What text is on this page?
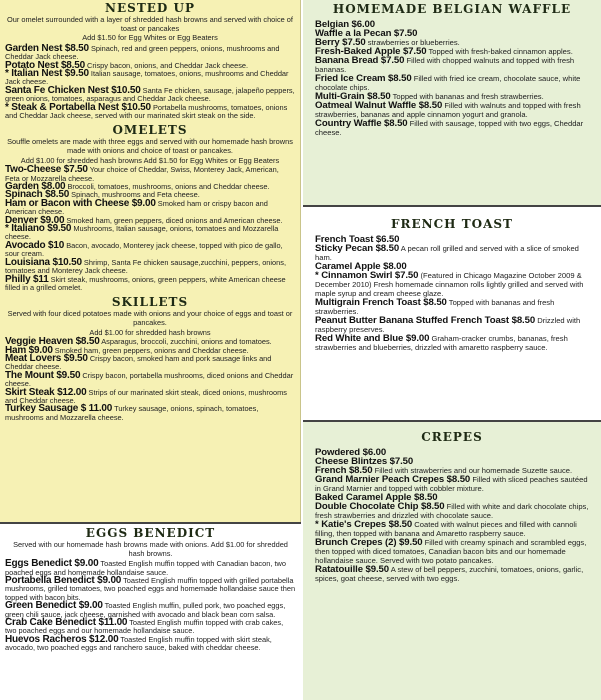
NESTED UP
Our omelet surrounded with a layer of shredded hash browns and served with choice of toast or pancakes
Add $1.50 for Egg Whites or Egg Beaters
Garden Nest $8.50 Spinach, red and green peppers, onions, mushrooms and Cheddar Jack cheese.
Potato Nest $8.50 Crispy bacon, onions, and Cheddar Jack cheese.
* Italian Nest $9.50 Italian sausage, tomatoes, onions, mushrooms and Cheddar Jack cheese.
Santa Fe Chicken Nest $10.50 Santa Fe chicken, sausage, jalapeño peppers, green onions, tomatoes, asparagus and Cheddar Jack cheese.
* Steak & Portabella Nest $10.50 Portabella mushrooms, tomatoes, onions and Cheddar Jack cheese, served with our marinated skirt steak on the side.
OMELETS
Souffle omelets are made with three eggs and served with our homemade hash browns made with onions and choice of toast or pancakes.
Add $1.00 for shredded hash browns Add $1.50 for Egg Whites or Egg Beaters
Two-Cheese $7.50 Your choice of Cheddar, Swiss, Monterey Jack, American, Feta or Mozzarella cheese.
Garden $8.00 Broccoli, tomatoes, mushrooms, onions and Cheddar cheese.
Spinach $8.50 Spinach, mushrooms and Feta cheese.
Ham or Bacon with Cheese $9.00 Smoked ham or crispy bacon and American cheese.
Denver $9.00 Smoked ham, green peppers, diced onions and American cheese.
* Italiano $9.50 Mushrooms, Italian sausage, onions, tomatoes and Mozzarella cheese.
Avocado $10 Bacon, avocado, Monterey jack cheese, topped with pico de gallo, sour cream.
Louisiana $10.50 Shrimp, Santa Fe chicken sausage,zucchini, peppers, onions, tomatoes and Monterey Jack cheese.
Philly $11 Skirt steak, mushrooms, onions, green peppers, white American cheese filled in a grilled omelet.
SKILLETS
Served with four diced potatoes made with onions and your choice of eggs and toast or pancakes.
Add $1.00 for shredded hash browns
Veggie Heaven $8.50 Asparagus, broccoli, zucchini, onions and tomatoes.
Ham $9.00 Smoked ham, green peppers, onions and Cheddar cheese.
Meat Lovers $9.50 Crispy bacon, smoked ham and pork sausage links and Cheddar cheese.
The Mount $9.50 Crispy bacon, portabella mushrooms, diced onions and Cheddar cheese.
Skirt Steak $12.00 Strips of our marinated skirt steak, diced onions, mushrooms and Cheddar cheese.
Turkey Sausage $ 11.00 Turkey sausage, onions, spinach, tomatoes, mushrooms and Mozzarella cheese.
EGGS BENEDICT
Served with our homemade hash browns made with onions. Add $1.00 for shredded hash browns.
Eggs Benedict $9.00 Toasted English muffin topped with Canadian bacon, two poached eggs and homemade hollandaise sauce.
Portabella Benedict $9.00 Toasted English muffin topped with grilled portabella mushrooms, grilled tomatoes, two poached eggs and homemade hollandaise sauce then topped with bacon bits.
Green Benedict $9.00 Toasted English muffin, pulled pork, two poached eggs, green chili sauce, jack cheese, garnished with avocado and black bean corn salsa.
Crab Cake Benedict $11.00 Toasted English muffin topped with crab cakes, two poached eggs and our homemade hollandaise sauce.
Huevos Racheros $12.00 Toasted English muffin topped with skirt steak, avocado, two poached eggs and ranchero sauce, baked with cheddar cheese.
HOMEMADE BELGIAN WAFFLE
Belgian $6.00
Waffle a la Pecan $7.50
Berry $7.50 strawberries or blueberries.
Fresh-Baked Apple $7.50 Topped with fresh-baked cinnamon apples.
Banana Bread $7.50 Filled with chopped walnuts and topped with fresh bananas.
Fried Ice Cream $8.50 Filled with fried ice cream, chocolate sauce, white chocolate chips.
Multi-Grain $8.50 Topped with bananas and fresh strawberries.
Oatmeal Walnut Waffle $8.50 Filled with walnuts and topped with fresh strawberries, bananas and apple cinnamon yogurt and granola.
Country Waffle $8.50 Filled with sausage, topped with two eggs, Cheddar cheese.
FRENCH TOAST
French Toast $6.50
Sticky Pecan $8.50 A pecan roll grilled and served with a slice of smoked ham.
Caramel Apple $8.00
* Cinnamon Swirl $7.50 (Featured in Chicago Magazine October 2009 & December 2010) Fresh homemade cinnamon rolls lightly grilled and served with maple syrup and cream cheese glaze.
Multigrain French Toast $8.50 Topped with bananas and fresh strawberries.
Peanut Butter Banana Stuffed French Toast $8.50 Drizzled with raspberry preserves.
Red White and Blue $9.00 Graham-cracker crumbs, bananas, fresh strawberries and blueberries, drizzled with amaretto raspberry sauce.
CREPES
Powdered $6.00
Cheese Blintzes $7.50
French $8.50 Filled with strawberries and our homemade Suzette sauce.
Grand Marnier Peach Crepes $8.50 Filled with sliced peaches sautéed in Grand Marnier and topped with cobbler mixture.
Baked Caramel Apple $8.50
Double Chocolate Chip $8.50 Filled with white and dark chocolate chips, fresh strawberries and drizzled with chocolate sauce.
* Katie's Crepes $8.50 Coated with walnut pieces and filled with cannoli filling, then topped with banana and Amaretto raspberry sauce.
Brunch Crepes (2) $9.50 Filled with creamy spinach and scrambled eggs, then topped with diced tomatoes, Canadian bacon bits and our homemade hollandaise sauce. Served with two potato pancakes.
Ratatouille $9.50 A stew of bell peppers, zucchini, tomatoes, onions, garlic, spices, goat cheese, served with two eggs.
